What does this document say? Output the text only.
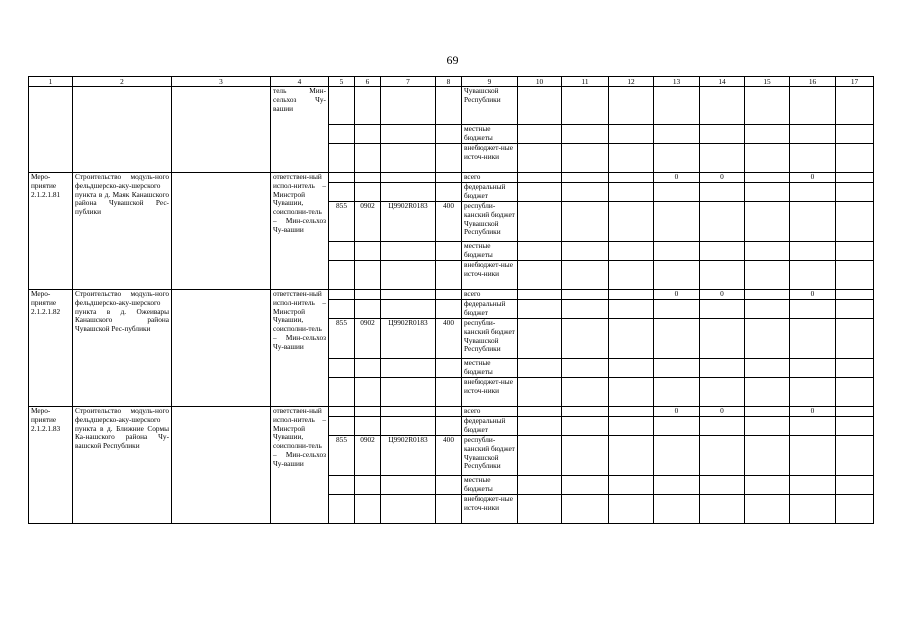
69
1	2	3	4	5	6	7	8	9	10	11	12	13	14	15	16	17
			тель Мин-сельхоз Чу-вашии					Чувашской Республики								
								местные бюджеты								
								внебюджет-ные источ-ники								
Меро-приятие 2.1.2.1.81	Строительство модуль-ного фельдшерско-аку-шерского пункта в д. Маяк Канашского района Чувашской Рес-публики		ответствен-ный испол-нитель – Минстрой Чувашии, соисполни-тель – Мин-сельхоз Чу-вашии					всего				0	0		0	
								федеральный бюджет								
				855	0902	Ц9902R0183	400	республи-канский бюджет Чувашской Республики								
								местные бюджеты								
								внебюджет-ные источ-ники								
Меро-приятие 2.1.2.1.82	Строительство модуль-ного фельдшерско-аку-шерского пункта в д. Ожеивары Канашского района Чувашской Рес-публики		ответствен-ный испол-нитель – Минстрой Чувашии, соисполни-тель – Мин-сельхоз Чу-вашии					всего				0	0		0	
								федеральный бюджет								
				855	0902	Ц9902R0183	400	республи-канский бюджет Чувашской Республики								
								местные бюджеты								
								внебюджет-ные источ-ники								
Меро-приятие 2.1.2.1.83	Строительство модуль-ного фельдшерско-аку-шерского пункта в д. Ближние Сормы Ка-нашского района Чу-вашской Республики		ответствен-ный испол-нитель – Минстрой Чувашии, соисполни-тель – Мин-сельхоз Чу-вашии					всего				0	0		0	
								федеральный бюджет								
				855	0902	Ц9902R0183	400	республи-канский бюджет Чувашской Республики								
								местные бюджеты								
								внебюджет-ные источ-ники								
